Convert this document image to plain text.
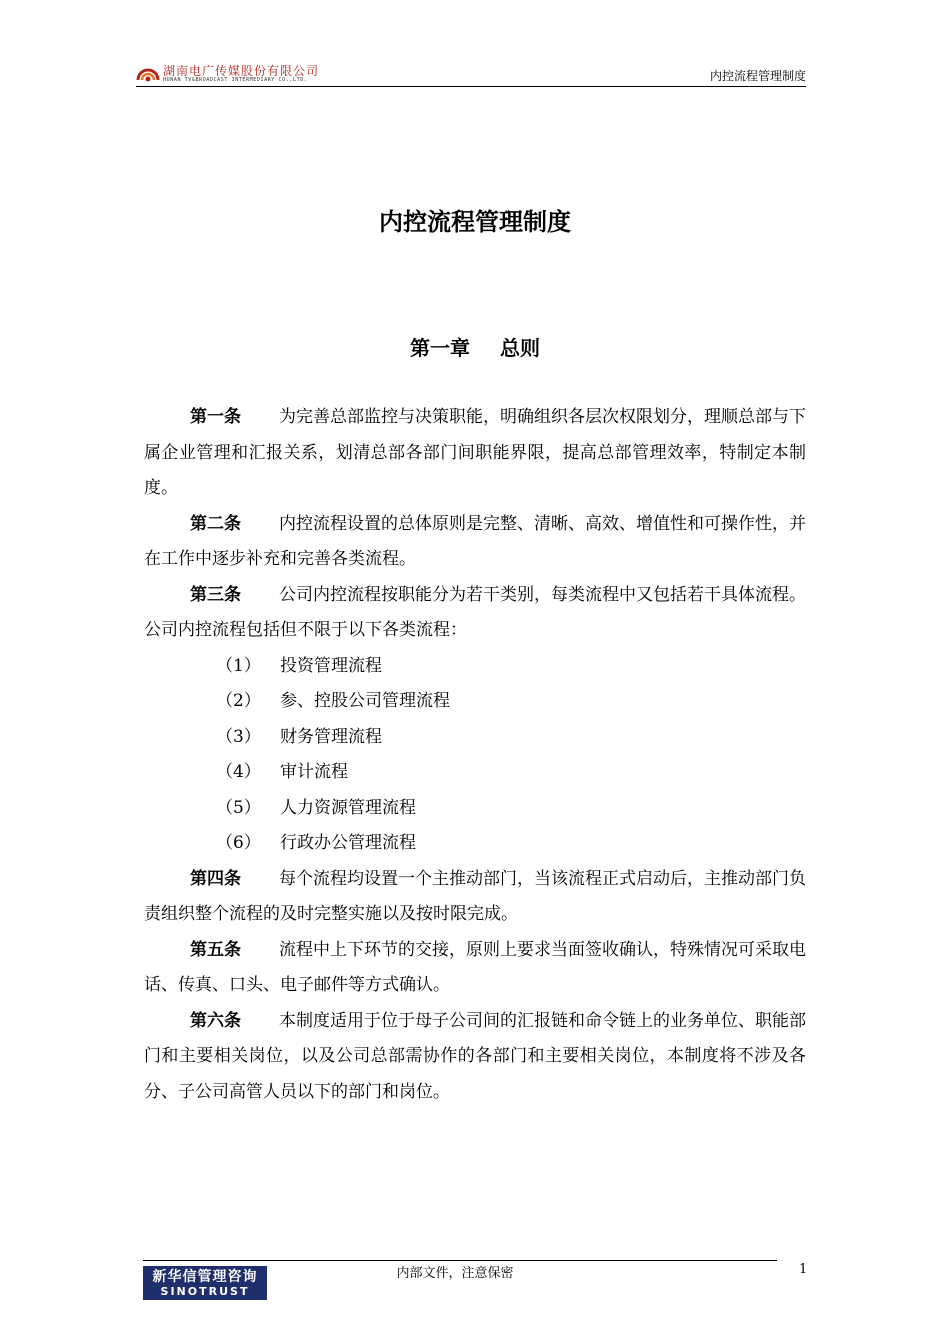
湖南电广传媒股份有限公司
HUNAN TV&BROADCAST INTERMEDIARY CO.,LTD.	内控流程管理制度
内控流程管理制度
第一章 总则

第一条 为完善总部监控与决策职能，明确组织各层次权限划分，理顺总部与下属企业管理和汇报关系，划清总部各部门间职能界限，提高总部管理效率，特制定本制度。

第二条 内控流程设置的总体原则是完整、清晰、高效、增值性和可操作性，并在工作中逐步补充和完善各类流程。

第三条 公司内控流程按职能分为若干类别，每类流程中又包括若干具体流程。公司内控流程包括但不限于以下各类流程：

（1） 投资管理流程

（2） 参、控股公司管理流程

（3） 财务管理流程

（4） 审计流程

（5） 人力资源管理流程

（6） 行政办公管理流程

第四条 每个流程均设置一个主推动部门，当该流程正式启动后，主推动部门负责组织整个流程的及时完整实施以及按时限完成。

第五条 流程中上下环节的交接，原则上要求当面签收确认，特殊情况可采取电话、传真、口头、电子邮件等方式确认。

第六条 本制度适用于位于母子公司间的汇报链和命令链上的业务单位、职能部门和主要相关岗位，以及公司总部需协作的各部门和主要相关岗位，本制度将不涉及各分、子公司高管人员以下的部门和岗位。

内部文件，注意保密	1
新华信管理咨询
SINOTRUST
